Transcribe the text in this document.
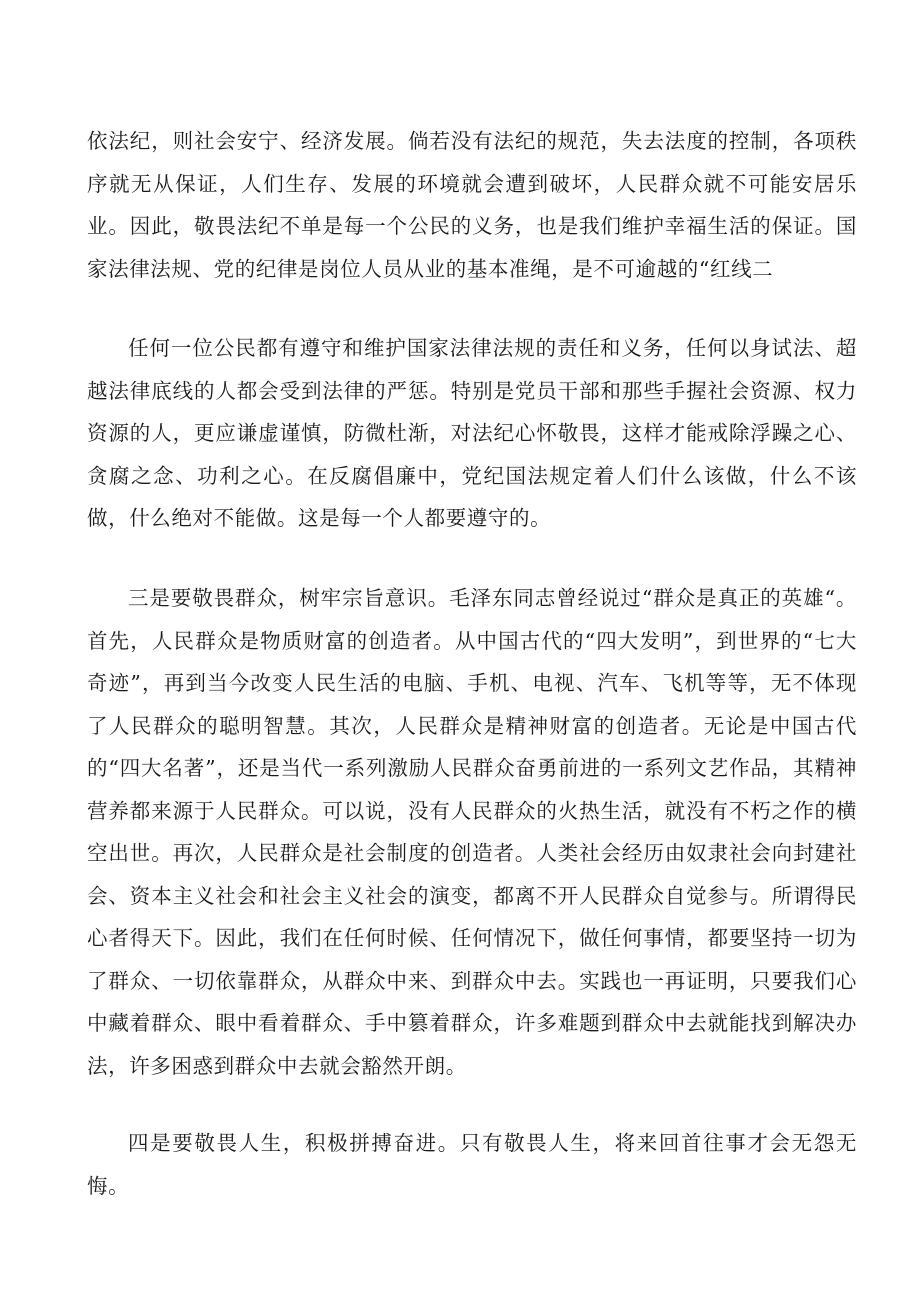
依法纪，则社会安宁、经济发展。倘若没有法纪的规范，失去法度的控制，各项秩序就无从保证，人们生存、发展的环境就会遭到破坏，人民群众就不可能安居乐业。因此，敬畏法纪不单是每一个公民的义务，也是我们维护幸福生活的保证。国家法律法规、党的纪律是岗位人员从业的基本准绳，是不可逾越的“红线二

任何一位公民都有遵守和维护国家法律法规的责任和义务，任何以身试法、超越法律底线的人都会受到法律的严惩。特别是党员干部和那些手握社会资源、权力资源的人，更应谦虚谨慎，防微杜渐，对法纪心怀敬畏，这样才能戒除浮躁之心、贪腐之念、功利之心。在反腐倡廉中，党纪国法规定着人们什么该做，什么不该做，什么绝对不能做。这是每一个人都要遵守的。

三是要敬畏群众，树牢宗旨意识。毛泽东同志曾经说过“群众是真正的英雄“。首先，人民群众是物质财富的创造者。从中国古代的“四大发明”，到世界的“七大奇迹”，再到当今改变人民生活的电脑、手机、电视、汽车、飞机等等，无不体现了人民群众的聪明智慧。其次，人民群众是精神财富的创造者。无论是中国古代的“四大名著”，还是当代一系列激励人民群众奋勇前进的一系列文艺作品，其精神营养都来源于人民群众。可以说，没有人民群众的火热生活，就没有不朽之作的横空出世。再次，人民群众是社会制度的创造者。人类社会经历由奴隶社会向封建社会、资本主义社会和社会主义社会的演变，都离不开人民群众自觉参与。所谓得民心者得天下。因此，我们在任何时候、任何情况下，做任何事情，都要坚持一切为了群众、一切依靠群众，从群众中来、到群众中去。实践也一再证明，只要我们心中藏着群众、眼中看着群众、手中篡着群众，许多难题到群众中去就能找到解决办法，许多困惑到群众中去就会豁然开朗。

四是要敬畏人生，积极拼搏奋进。只有敬畏人生，将来回首往事才会无怨无悔。
